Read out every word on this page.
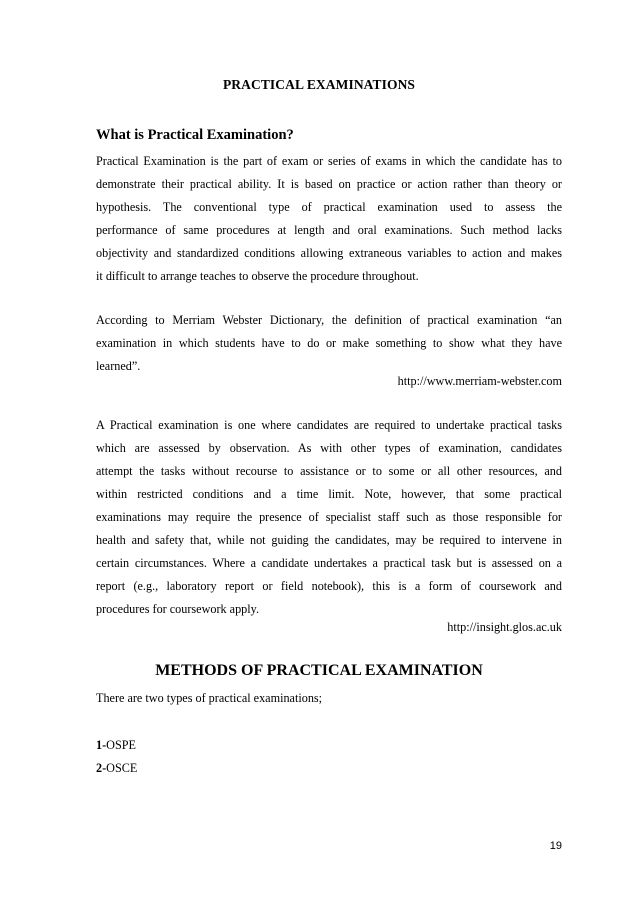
PRACTICAL EXAMINATIONS
What is Practical Examination?
Practical Examination is the part of exam or series of exams in which the candidate has to
demonstrate their practical ability. It is based on practice or action rather than theory or
hypothesis. The conventional type of practical examination used to assess the
performance of same procedures at length and oral examinations. Such method lacks
objectivity and standardized conditions allowing extraneous variables to action and makes
it difficult to arrange teaches to observe the procedure throughout.
According to Merriam Webster Dictionary, the definition of practical examination “an
examination in which students have to do or make something to show what they have
learned”.
http://www.merriam-webster.com
A Practical examination is one where candidates are required to undertake practical tasks
which are assessed by observation. As with other types of examination, candidates
attempt the tasks without recourse to assistance or to some or all other resources, and
within restricted conditions and a time limit. Note, however, that some practical
examinations may require the presence of specialist staff such as those responsible for
health and safety that, while not guiding the candidates, may be required to intervene in
certain circumstances. Where a candidate undertakes a practical task but is assessed on a
report (e.g., laboratory report or field notebook), this is a form of coursework and
procedures for coursework apply.
http://insight.glos.ac.uk
METHODS OF PRACTICAL EXAMINATION
There are two types of practical examinations;
1-OSPE
2-OSCE
19
